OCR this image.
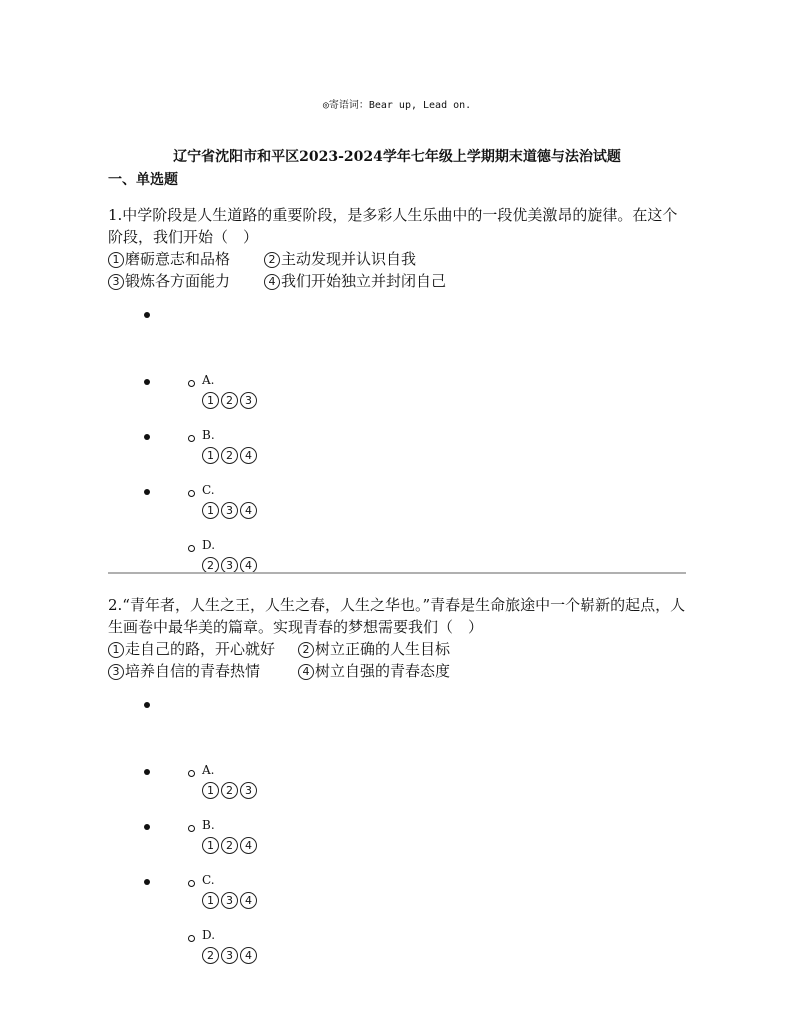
◎寄语词：Bear up, Lead on.
辽宁省沈阳市和平区2023-2024学年七年级上学期期末道德与法治试题
一、单选题

1.中学阶段是人生道路的重要阶段，是多彩人生乐曲中的一段优美激昂的旋律。在这个阶段，我们开始（　）

1 磨砺意志和品格	2 主动发现并认识自我
3 锻炼各方面能力	4 我们开始独立并封闭自己
A.
1 2 3
B.
1 2 4
C.
1 3 4
D.
2 3 4

2.“青年者，人生之王，人生之春，人生之华也。”青春是生命旅途中一个崭新的起点，人生画卷中最华美的篇章。实现青春的梦想需要我们（　）

1 走自己的路，开心就好 2 树立正确的人生目标
3 培养自信的青春热情	4 树立自强的青春态度
A.
1 2 3
B.
1 2 4
C.
1 3 4
D.
2 3 4
